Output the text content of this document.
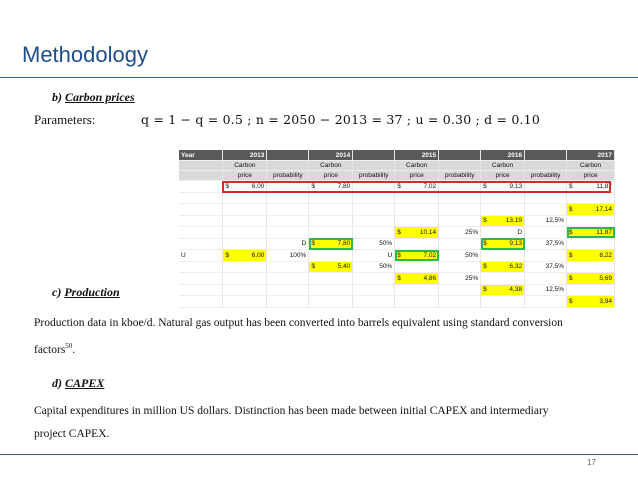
Methodology
b) Carbon prices
Parameters:	q = 1 − q = 0.5 ; n = 2050 − 2013 = 37 ; u = 0.30 ; d = 0.10
Year	2013		2014		2015		2016		2017
	Carbon		Carbon		Carbon		Carbon		Carbon
	price	probability	price	probability	price	probability	price	probability	price

	$ 6,00		$ 7,80		$ 7,02		$ 9,13		$ 11,87

									$ 17,14

							$ 13,19	12,5%	

					$ 10,14	25%	D		$ 11,87

		D	$ 7,80	50%			$ 9,13	37,5%	
U	$ 6,00	100%		U	$ 7,02	50%			$ 8,22

			$ 5,40	50%			$ 6,32	37,5%	

					$ 4,86	25%			$ 5,69

							$ 4,38	12,5%	

									$ 3,94
c) Production
Production data in kboe/d. Natural gas output has been converted into barrels equivalent using standard conversion factors$^{50}$.
d) CAPEX
Capital expenditures in million US dollars. Distinction has been made between initial CAPEX and intermediary project CAPEX.
17
